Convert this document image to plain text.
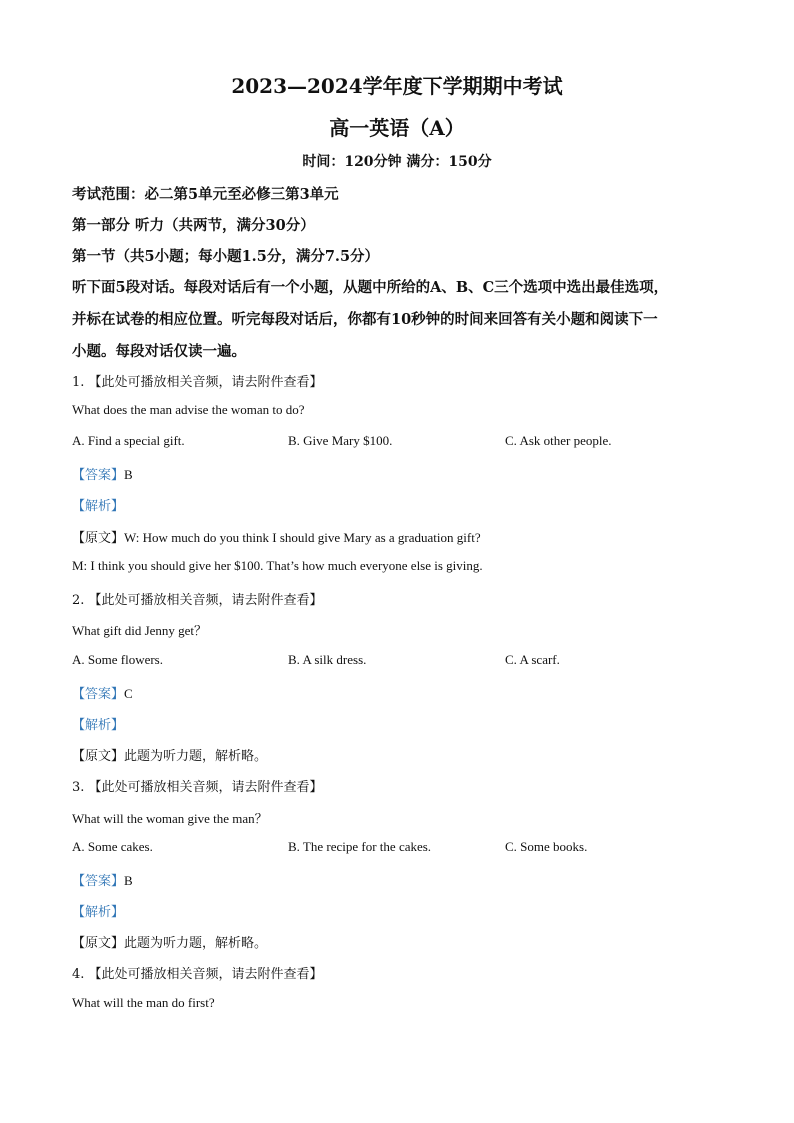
2023—2024学年度下学期期中考试
高一英语（A）
时间：120分钟 满分：150分
考试范围：必二第5单元至必修三第3单元
第一部分 听力（共两节，满分30分）
第一节（共5小题；每小题1.5分，满分7.5分）
听下面5段对话。每段对话后有一个小题，从题中所给的A、B、C三个选项中选出最佳选项，
并标在试卷的相应位置。听完每段对话后，你都有10秒钟的时间来回答有关小题和阅读下一
小题。每段对话仅读一遍。
1. 【此处可播放相关音频，请去附件查看】
What does the man advise the woman to do?
A. Find a special gift.	B. Give Mary $100.	C. Ask other people.
【答案】B
【解析】
【原文】W: How much do you think I should give Mary as a graduation gift?
M: I think you should give her $100. That’s how much everyone else is giving.
2. 【此处可播放相关音频，请去附件查看】
What gift did Jenny get？
A. Some flowers.	B. A silk dress.	C. A scarf.
【答案】C
【解析】
【原文】此题为听力题，解析略。
3. 【此处可播放相关音频，请去附件查看】
What will the woman give the man？
A. Some cakes.	B. The recipe for the cakes.	C. Some books.
【答案】B
【解析】
【原文】此题为听力题，解析略。
4. 【此处可播放相关音频，请去附件查看】
What will the man do first?
